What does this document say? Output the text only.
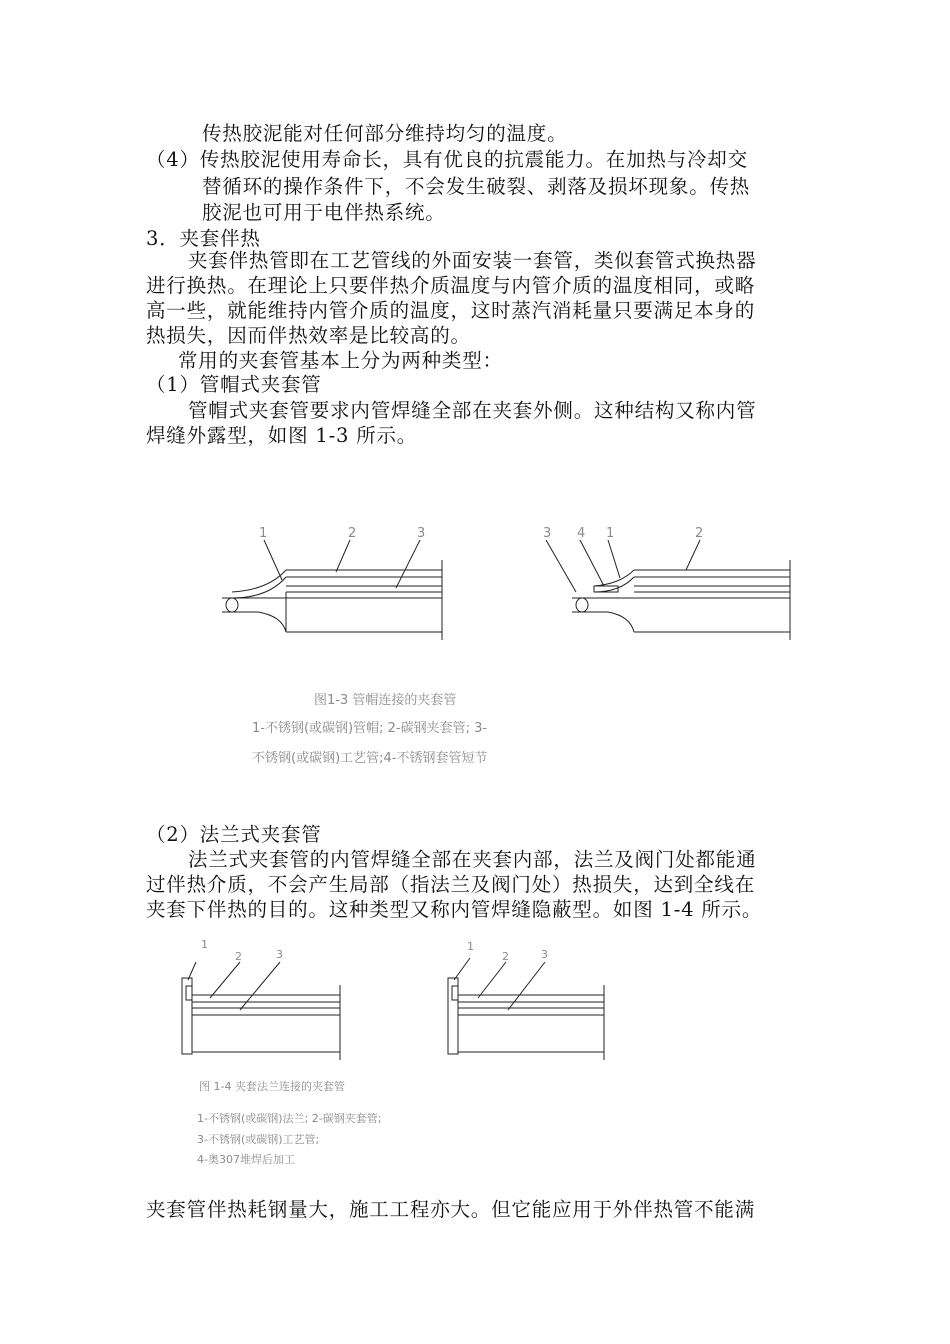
传热胶泥能对任何部分维持均匀的温度。
（4）传热胶泥使用寿命长，具有优良的抗震能力。在加热与冷却交
替循环的操作条件下，不会发生破裂、剥落及损坏现象。传热
胶泥也可用于电伴热系统。
3．夹套伴热
夹套伴热管即在工艺管线的外面安装一套管，类似套管式换热器
进行换热。在理论上只要伴热介质温度与内管介质的温度相同，或略
高一些，就能维持内管介质的温度，这时蒸汽消耗量只要满足本身的
热损失，因而伴热效率是比较高的。
常用的夹套管基本上分为两种类型：
（1）管帽式夹套管
管帽式夹套管要求内管焊缝全部在夹套外侧。这种结构又称内管
焊缝外露型，如图 1-3 所示。
1	2	3	3 4 1	2
图1-3 管帽连接的夹套管
1-不锈钢(或碳钢)管帽; 2-碳钢夹套管; 3-
不锈钢(或碳钢)工艺管;4-不锈钢套管短节
（2）法兰式夹套管
法兰式夹套管的内管焊缝全部在夹套内部，法兰及阀门处都能通
过伴热介质，不会产生局部（指法兰及阀门处）热损失，达到全线在
夹套下伴热的目的。这种类型又称内管焊缝隐蔽型。如图 1-4 所示。
1
2	3
1
2	3
图 1-4 夹套法兰连接的夹套管
1-不锈钢(或碳钢)法兰; 2-碳钢夹套管;
3-不锈钢(或碳钢)工艺管;
4-奥307堆焊后加工
夹套管伴热耗钢量大，施工工程亦大。但它能应用于外伴热管不能满
